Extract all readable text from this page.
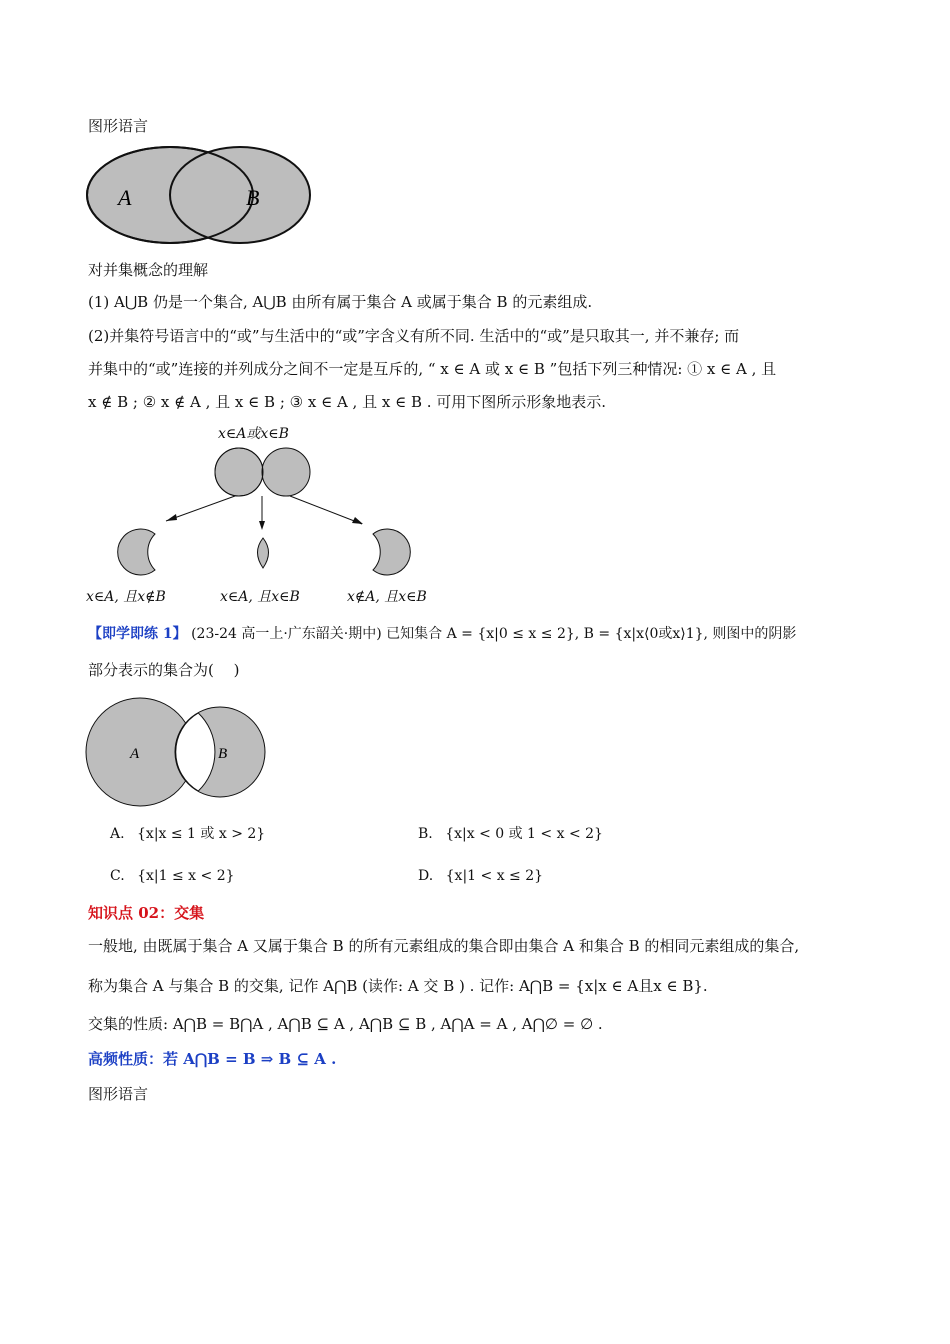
图形语言
A	B
A	B
对并集概念的理解
(1) A⋃B 仍是一个集合, A⋃B 由所有属于集合 A 或属于集合 B 的元素组成.
(2)并集符号语言中的“或”与生活中的“或”字含义有所不同. 生活中的“或”是只取其一, 并不兼存; 而
并集中的“或”连接的并列成分之间不一定是互斥的, “ x ∈ A 或 x ∈ B ”包括下列三种情况: ① x ∈ A , 且
x ∉ B ; ② x ∉ A , 且 x ∈ B ; ③ x ∈ A , 且 x ∈ B . 可用下图所示形象地表示.
x∈A或x∈B
x∈A, 且x∉B	x∈A, 且x∈B	x∉A, 且x∈B
【即学即练 1】 (23-24 高一上·广东韶关·期中) 已知集合 A = {x|0 ≤ x ≤ 2}, B = {x|x⟨0或x⟩1}, 则图中的阴影
部分表示的集合为(　 )
A. {x|x ≤ 1 或 x > 2}	B. {x|x < 0 或 1 < x < 2}
C. {x|1 ≤ x < 2}	D. {x|1 < x ≤ 2}
知识点 02：交集
一般地, 由既属于集合 A 又属于集合 B 的所有元素组成的集合即由集合 A 和集合 B 的相同元素组成的集合,
称为集合 A 与集合 B 的交集, 记作 A⋂B (读作: A 交 B ) . 记作: A⋂B = {x|x ∈ A且x ∈ B}.
交集的性质: A⋂B = B⋂A , A⋂B ⊆ A , A⋂B ⊆ B , A⋂A = A , A⋂∅ = ∅ .
高频性质：若 A⋂B = B ⇒ B ⊆ A .
图形语言
